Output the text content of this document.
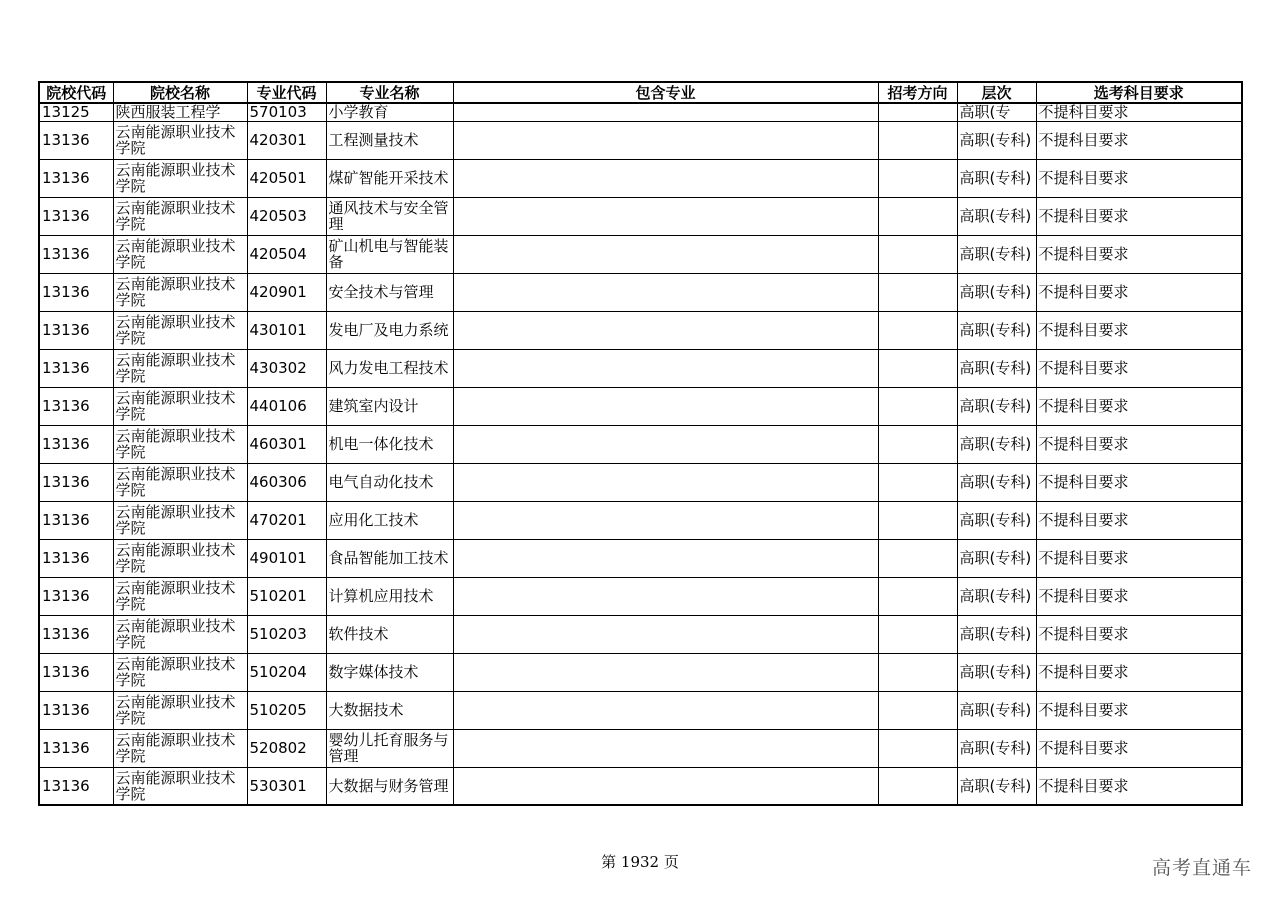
院校代码	院校名称	专业代码	专业名称	包含专业	招考方向	层次	选考科目要求
13125	陕西服装工程学	570103	小学教育			高职(专	不提科目要求
13136	云南能源职业技术学院	420301	工程测量技术			高职(专科)	不提科目要求
13136	云南能源职业技术学院	420501	煤矿智能开采技术			高职(专科)	不提科目要求
13136	云南能源职业技术学院	420503	通风技术与安全管理			高职(专科)	不提科目要求
13136	云南能源职业技术学院	420504	矿山机电与智能装备			高职(专科)	不提科目要求
13136	云南能源职业技术学院	420901	安全技术与管理			高职(专科)	不提科目要求
13136	云南能源职业技术学院	430101	发电厂及电力系统			高职(专科)	不提科目要求
13136	云南能源职业技术学院	430302	风力发电工程技术			高职(专科)	不提科目要求
13136	云南能源职业技术学院	440106	建筑室内设计			高职(专科)	不提科目要求
13136	云南能源职业技术学院	460301	机电一体化技术			高职(专科)	不提科目要求
13136	云南能源职业技术学院	460306	电气自动化技术			高职(专科)	不提科目要求
13136	云南能源职业技术学院	470201	应用化工技术			高职(专科)	不提科目要求
13136	云南能源职业技术学院	490101	食品智能加工技术			高职(专科)	不提科目要求
13136	云南能源职业技术学院	510201	计算机应用技术			高职(专科)	不提科目要求
13136	云南能源职业技术学院	510203	软件技术			高职(专科)	不提科目要求
13136	云南能源职业技术学院	510204	数字媒体技术			高职(专科)	不提科目要求
13136	云南能源职业技术学院	510205	大数据技术			高职(专科)	不提科目要求
13136	云南能源职业技术学院	520802	婴幼儿托育服务与管理			高职(专科)	不提科目要求
13136	云南能源职业技术学院	530301	大数据与财务管理			高职(专科)	不提科目要求
第 1932 页	高考直通车
